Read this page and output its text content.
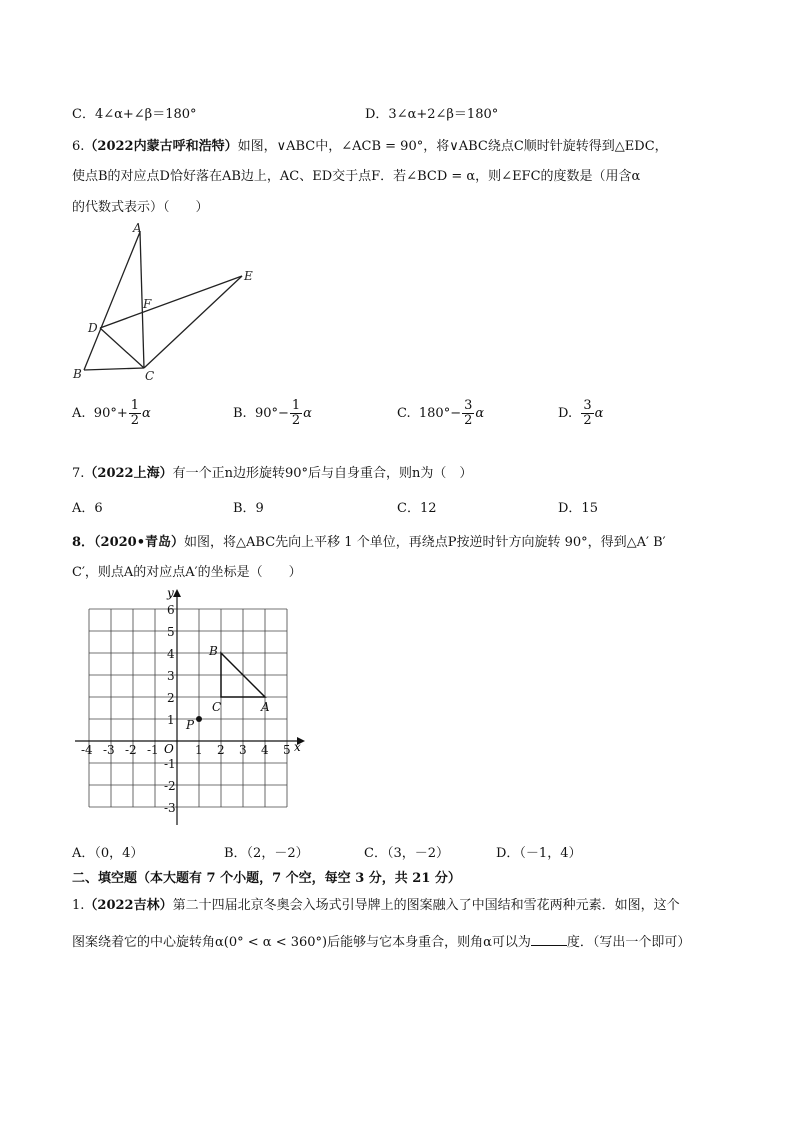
C．4∠α+∠β＝180°	D．3∠α+2∠β＝180°
6.（2022内蒙古呼和浩特）如图，∨ABC中，∠ACB = 90°，将∨ABC绕点C顺时针旋转得到△EDC，
使点B的对应点D恰好落在AB边上，AC、ED交于点F．若∠BCD = α，则∠EFC的度数是（用含α
的代数式表示）（　　）
A
B	C
D
E
F
A. $90^\circ+ \frac{1}{2}$ α	B. $90^\circ- \frac{1}{2}$ α	C. $180^\circ- \frac{3}{2}$ α	D. $\frac{3}{2}$ α
7.（2022上海）有一个正n边形旋转90°后与自身重合，则n为（　）
A．6	B．9	C．12	D．15
8．（2020•青岛）如图，将△ABC先向上平移 1 个单位，再绕点P按逆时针方向旋转 90°，得到△A′ B′
C′，则点A的对应点A′的坐标是（　　）
-4 -3 -2 -1	1 2 3 4 5
6
5
4
3
2
1
-1
-2
-3
x
y
O
A
B
C
P
A．（0，4）	B．（2，－2）	C．（3，－2）	D．（－1，4）
二、填空题（本大题有 7 个小题，7 个空，每空 3 分，共 21 分）
1.（2022吉林）第二十四届北京冬奥会入场式引导牌上的图案融入了中国结和雪花两种元素．如图，这个
图案绕着它的中心旋转角α(0° < α < 360°)后能够与它本身重合，则角α可以为	度．（写出一个即可）
